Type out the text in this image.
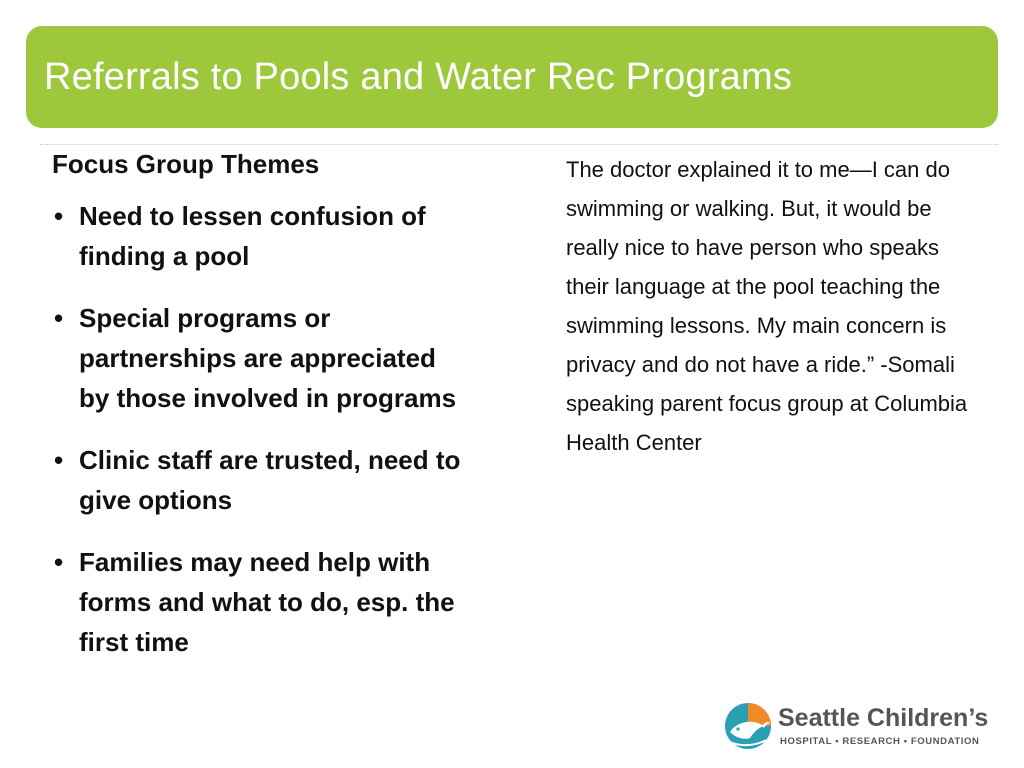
Referrals to Pools and Water Rec Programs
Focus Group Themes
• Need to lessen confusion of finding a pool
• Special programs or partnerships are appreciated by those involved in programs
• Clinic staff are trusted, need to give options
• Families may need help with forms and what to do, esp. the first time
The doctor explained it to me—I can do swimming or walking. But, it would be really nice to have person who speaks their language at the pool teaching the swimming lessons. My main concern is privacy and do not have a ride.” -Somali speaking parent focus group at Columbia Health Center
Seattle Children’s
HOSPITAL • RESEARCH • FOUNDATION
